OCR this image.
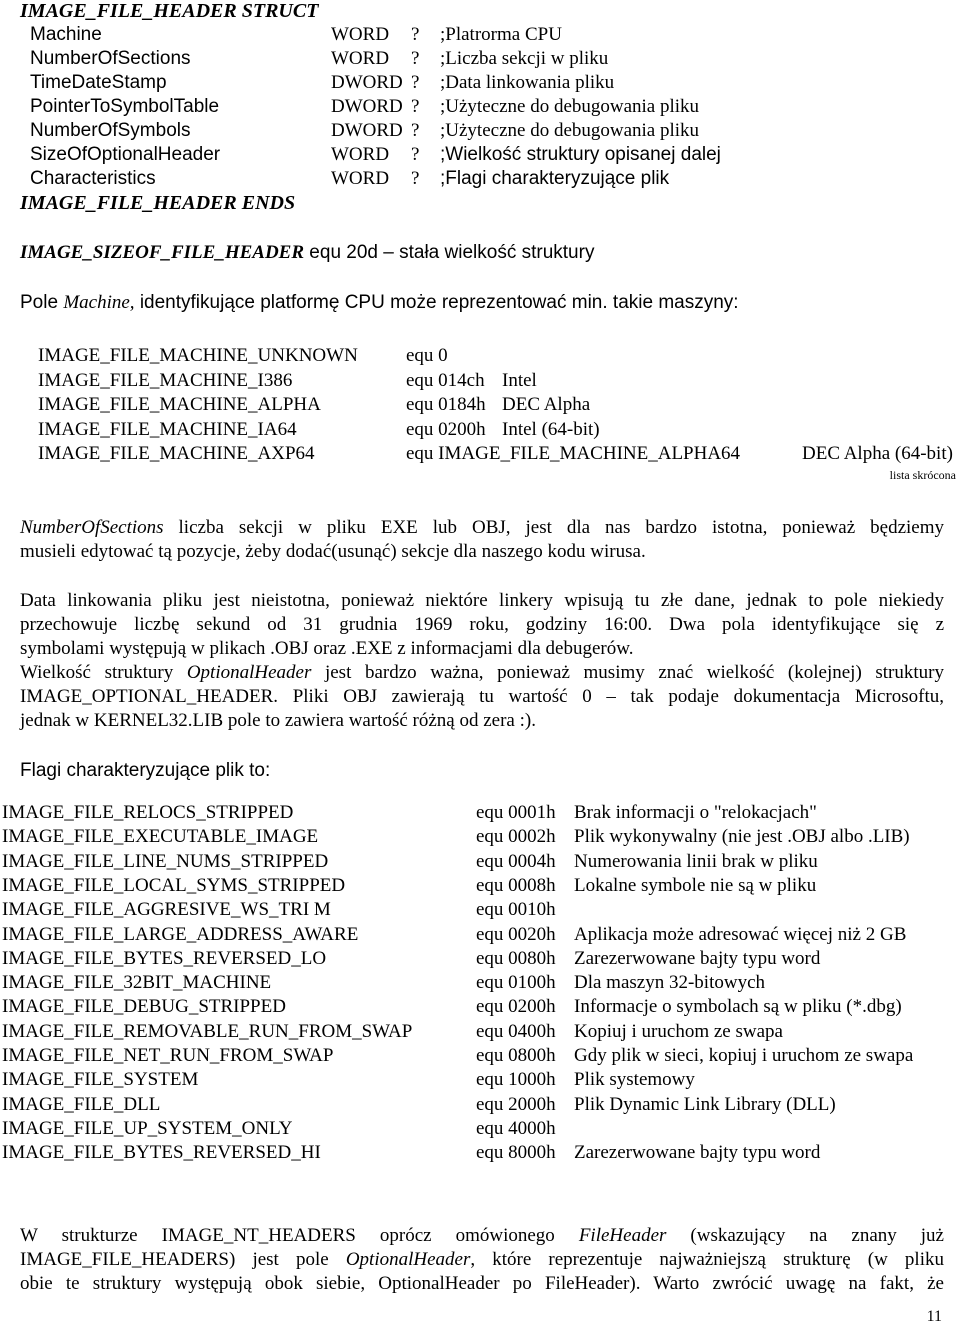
IMAGE_FILE_HEADER STRUCT
Machine	WORD ? ;Platrorma CPU
NumberOfSections	WORD ? ;Liczba sekcji w pliku
TimeDateStamp	DWORD ? ;Data linkowania pliku
PointerToSymbolTable	DWORD ? ;Użyteczne do debugowania pliku
NumberOfSymbols	DWORD ? ;Użyteczne do debugowania pliku
SizeOfOptionalHeader	WORD ? ;Wielkość struktury opisanej dalej
Characteristics	WORD ? ;Flagi charakteryzujące plik
IMAGE_FILE_HEADER ENDS
IMAGE_SIZEOF_FILE_HEADER equ 20d – stała wielkość struktury
Pole Machine, identyfikujące platformę CPU może reprezentować min. takie maszyny:
IMAGE_FILE_MACHINE_UNKNOWN	equ 0
IMAGE_FILE_MACHINE_I386	equ 014ch Intel
IMAGE_FILE_MACHINE_ALPHA	equ 0184h DEC Alpha
IMAGE_FILE_MACHINE_IA64	equ 0200h Intel (64-bit)
IMAGE_FILE_MACHINE_AXP64	equ IMAGE_FILE_MACHINE_ALPHA64	DEC Alpha (64-bit)
lista skrócona
NumberOfSections liczba sekcji w pliku EXE lub OBJ, jest dla nas bardzo istotna, ponieważ będziemy
musieli edytować tą pozycje, żeby dodać(usunąć) sekcje dla naszego kodu wirusa.
Data linkowania pliku jest nieistotna, ponieważ niektóre linkery wpisują tu złe dane, jednak to pole niekiedy
przechowuje liczbę sekund od 31 grudnia 1969 roku, godziny 16:00. Dwa pola identyfikujące się z
symbolami występują w plikach .OBJ oraz .EXE z informacjami dla debugerów.
Wielkość struktury OptionalHeader jest bardzo ważna, ponieważ musimy znać wielkość (kolejnej) struktury
IMAGE_OPTIONAL_HEADER. Pliki OBJ zawierają tu wartość 0 – tak podaje dokumentacja Microsoftu,
jednak w KERNEL32.LIB pole to zawiera wartość różną od zera :).
Flagi charakteryzujące plik to:
IMAGE_FILE_RELOCS_STRIPPED	equ 0001h Brak informacji o "relokacjach"
IMAGE_FILE_EXECUTABLE_IMAGE	equ 0002h Plik wykonywalny (nie jest .OBJ albo .LIB)
IMAGE_FILE_LINE_NUMS_STRIPPED	equ 0004h Numerowania linii brak w pliku
IMAGE_FILE_LOCAL_SYMS_STRIPPED	equ 0008h Lokalne symbole nie są w pliku
IMAGE_FILE_AGGRESIVE_WS_TRI M	equ 0010h
IMAGE_FILE_LARGE_ADDRESS_AWARE	equ 0020h Aplikacja może adresować więcej niż 2 GB
IMAGE_FILE_BYTES_REVERSED_LO	equ 0080h Zarezerwowane bajty typu word
IMAGE_FILE_32BIT_MACHINE	equ 0100h Dla maszyn 32-bitowych
IMAGE_FILE_DEBUG_STRIPPED	equ 0200h Informacje o symbolach są w pliku (*.dbg)
IMAGE_FILE_REMOVABLE_RUN_FROM_SWAP	equ 0400h Kopiuj i uruchom ze swapa
IMAGE_FILE_NET_RUN_FROM_SWAP	equ 0800h Gdy plik w sieci, kopiuj i uruchom ze swapa
IMAGE_FILE_SYSTEM	equ 1000h Plik systemowy
IMAGE_FILE_DLL	equ 2000h Plik Dynamic Link Library (DLL)
IMAGE_FILE_UP_SYSTEM_ONLY	equ 4000h
IMAGE_FILE_BYTES_REVERSED_HI	equ 8000h Zarezerwowane bajty typu word
W strukturze IMAGE_NT_HEADERS oprócz omówionego FileHeader (wskazujący na znany już
IMAGE_FILE_HEADERS) jest pole OptionalHeader, które reprezentuje najważniejszą strukturę (w pliku
obie te struktury występują obok siebie, OptionalHeader po FileHeader). Warto zwrócić uwagę na fakt, że
11
